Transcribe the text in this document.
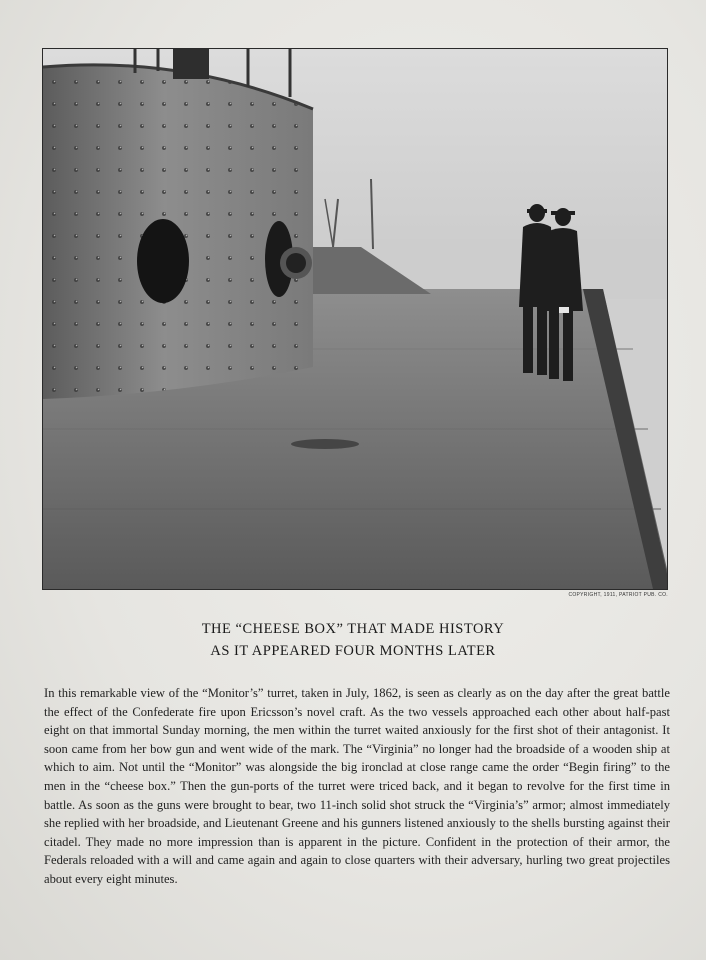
COPYRIGHT, 1911, PATRIOT PUB. CO.
THE “CHEESE BOX” THAT MADE HISTORY
AS IT APPEARED FOUR MONTHS LATER
In this remarkable view of the “Monitor’s” turret, taken in July, 1862, is seen as clearly as on the day after the great battle the effect of the Confederate fire upon Ericsson’s novel craft. As the two vessels approached each other about half-past eight on that immortal Sunday morning, the men within the turret waited anxiously for the first shot of their antagonist. It soon came from her bow gun and went wide of the mark. The “Virginia” no longer had the broadside of a wooden ship at which to aim. Not until the “Monitor” was alongside the big ironclad at close range came the order “Begin firing” to the men in the “cheese box.” Then the gun-ports of the turret were triced back, and it began to revolve for the first time in battle. As soon as the guns were brought to bear, two 11-inch solid shot struck the “Virginia’s” armor; almost immediately she replied with her broadside, and Lieutenant Greene and his gunners listened anxiously to the shells bursting against their citadel. They made no more impression than is apparent in the picture. Confident in the protection of their armor, the Federals reloaded with a will and came again and again to close quarters with their adversary, hurling two great projectiles about every eight minutes.
